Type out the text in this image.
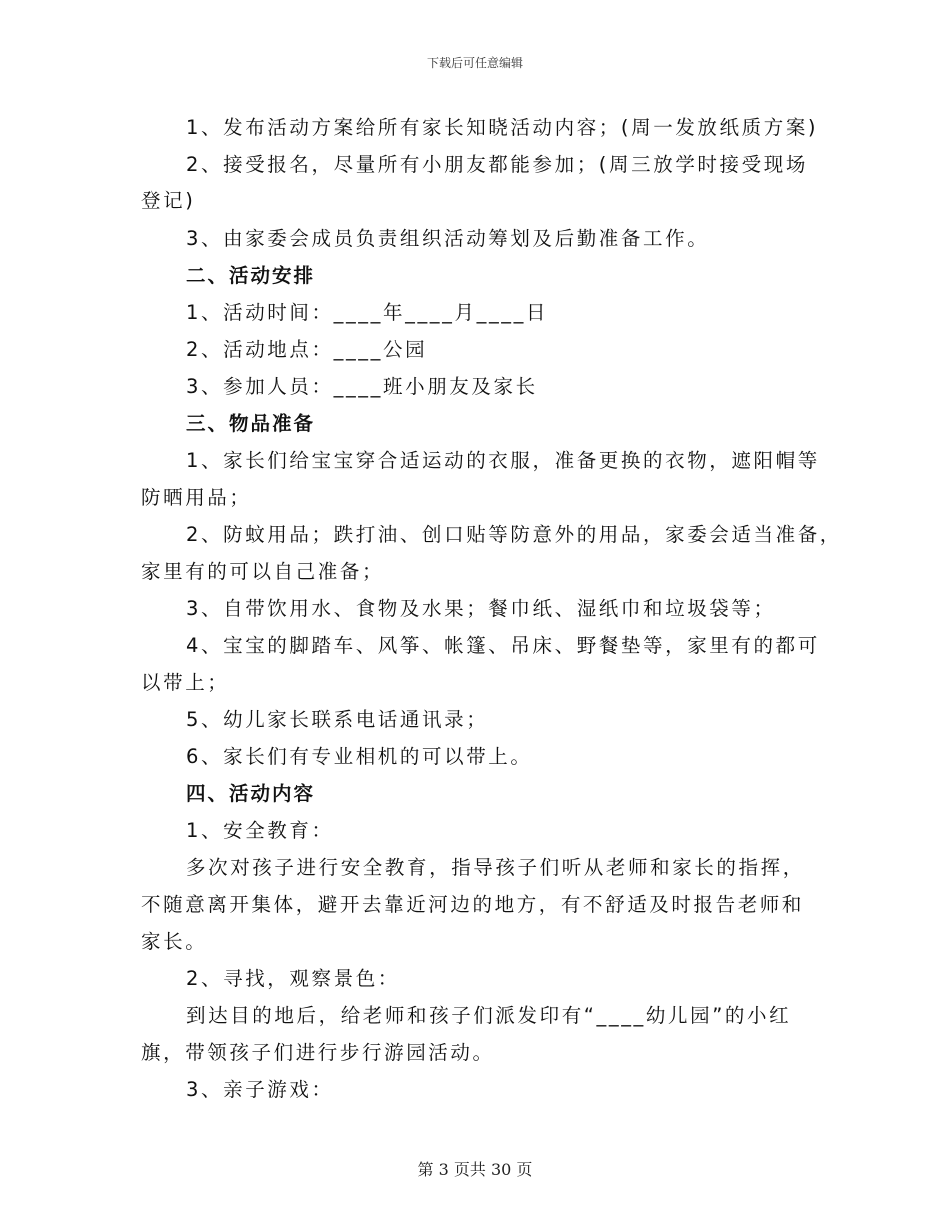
下载后可任意编辑
1、发布活动方案给所有家长知晓活动内容；(周一发放纸质方案)
2、接受报名，尽量所有小朋友都能参加；(周三放学时接受现场
登记)
3、由家委会成员负责组织活动筹划及后勤准备工作。
二、活动安排
1、活动时间：____年____月____日
2、活动地点：____公园
3、参加人员：____班小朋友及家长
三、物品准备
1、家长们给宝宝穿合适运动的衣服，准备更换的衣物，遮阳帽等
防晒用品；
2、防蚊用品；跌打油、创口贴等防意外的用品，家委会适当准备，
家里有的可以自己准备；
3、自带饮用水、食物及水果；餐巾纸、湿纸巾和垃圾袋等；
4、宝宝的脚踏车、风筝、帐篷、吊床、野餐垫等，家里有的都可
以带上；
5、幼儿家长联系电话通讯录；
6、家长们有专业相机的可以带上。
四、活动内容
1、安全教育：
多次对孩子进行安全教育，指导孩子们听从老师和家长的指挥，
不随意离开集体，避开去靠近河边的地方，有不舒适及时报告老师和
家长。
2、寻找，观察景色：
到达目的地后，给老师和孩子们派发印有“____幼儿园”的小红
旗，带领孩子们进行步行游园活动。
3、亲子游戏：
第 3 页共 30 页
